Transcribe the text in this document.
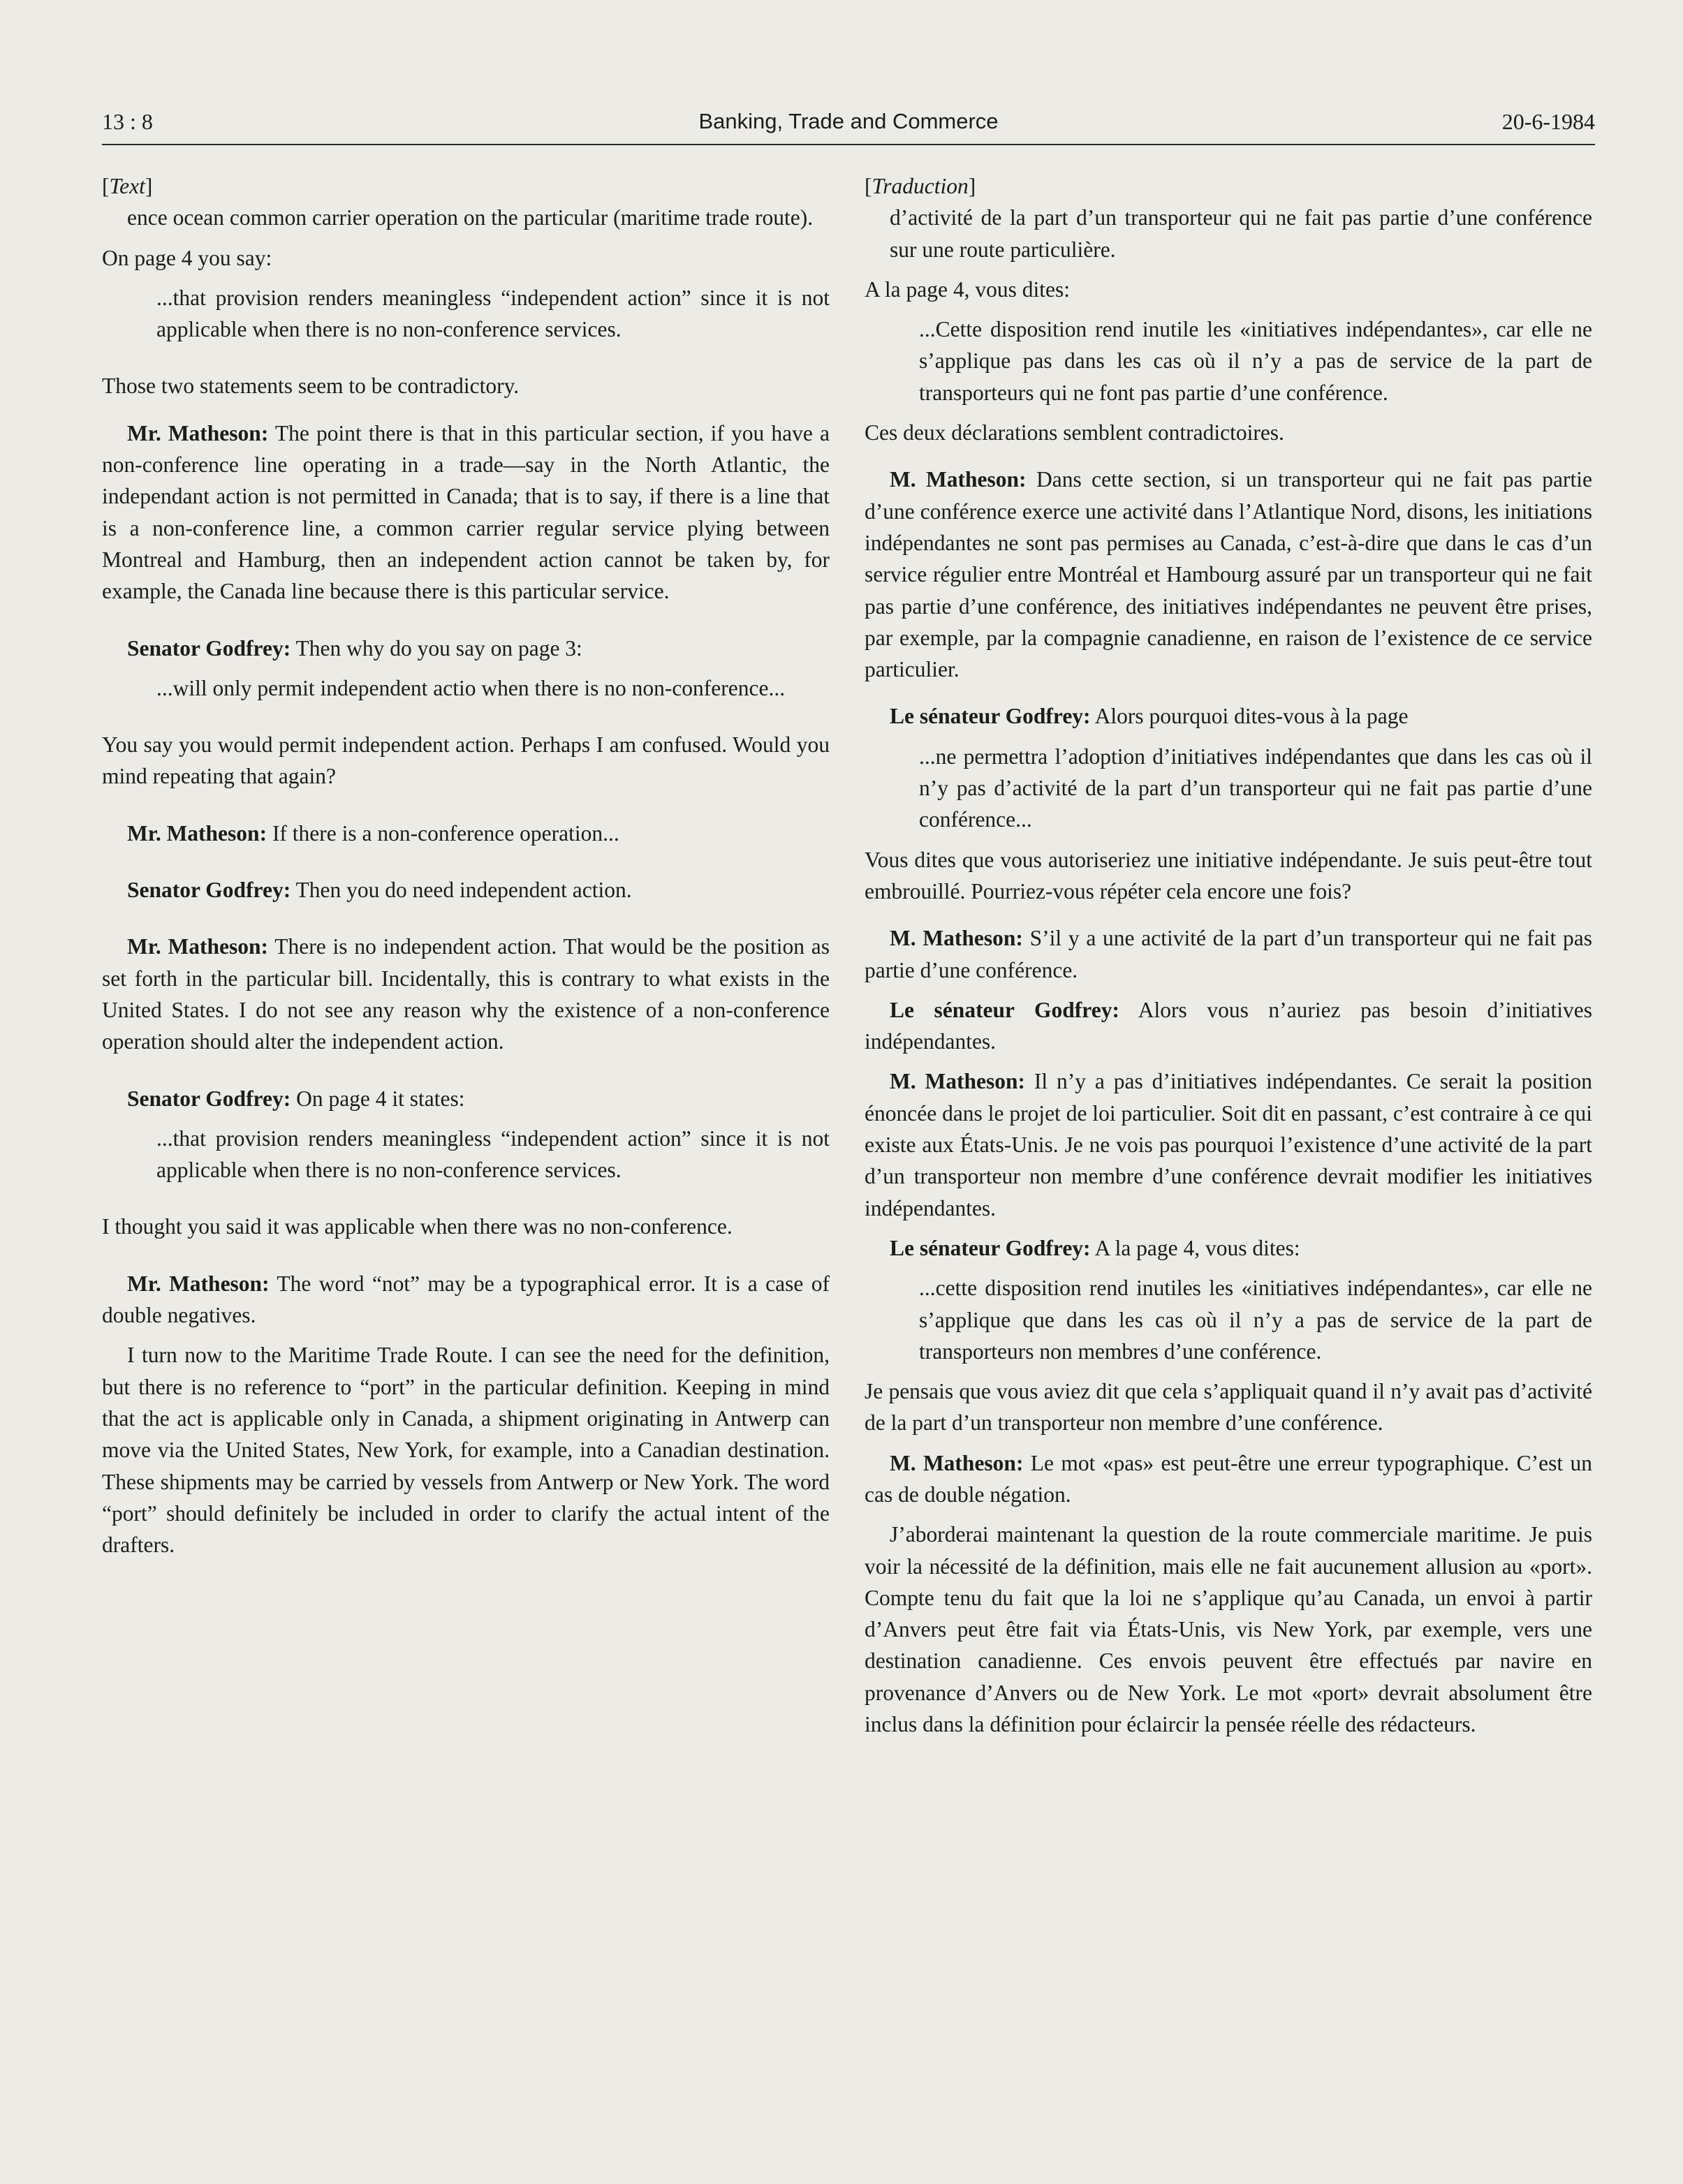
13 : 8	Banking, Trade and Commerce	20-6-1984

[Text]

ence ocean common carrier operation on the particular (maritime trade route).

On page 4 you say:

...that provision renders meaningless “independent action” since it is not applicable when there is no non-conference services.

Those two statements seem to be contradictory.

Mr. Matheson: The point there is that in this particular section, if you have a non-conference line operating in a trade—say in the North Atlantic, the independant action is not permitted in Canada; that is to say, if there is a line that is a non-conference line, a common carrier regular service plying between Montreal and Hamburg, then an independent action cannot be taken by, for example, the Canada line because there is this particular service.

Senator Godfrey: Then why do you say on page 3:

...will only permit independent actio when there is no non-conference...

You say you would permit independent action. Perhaps I am confused. Would you mind repeating that again?

Mr. Matheson: If there is a non-conference operation...

Senator Godfrey: Then you do need independent action.

Mr. Matheson: There is no independent action. That would be the position as set forth in the particular bill. Incidentally, this is contrary to what exists in the United States. I do not see any reason why the existence of a non-conference operation should alter the independent action.

Senator Godfrey: On page 4 it states:

...that provision renders meaningless “independent action” since it is not applicable when there is no non-conference services.

I thought you said it was applicable when there was no non-conference.

Mr. Matheson: The word “not” may be a typographical error. It is a case of double negatives.

I turn now to the Maritime Trade Route. I can see the need for the definition, but there is no reference to “port” in the particular definition. Keeping in mind that the act is applicable only in Canada, a shipment originating in Antwerp can move via the United States, New York, for example, into a Canadian destination. These shipments may be carried by vessels from Antwerp or New York. The word “port” should definitely be included in order to clarify the actual intent of the drafters.

[Traduction]

d’activité de la part d’un transporteur qui ne fait pas partie d’une conférence sur une route particulière.

A la page 4, vous dites:

...Cette disposition rend inutile les «initiatives indépendantes», car elle ne s’applique pas dans les cas où il n’y a pas de service de la part de transporteurs qui ne font pas partie d’une conférence.

Ces deux déclarations semblent contradictoires.

M. Matheson: Dans cette section, si un transporteur qui ne fait pas partie d’une conférence exerce une activité dans l’Atlantique Nord, disons, les initiations indépendantes ne sont pas permises au Canada, c’est-à-dire que dans le cas d’un service régulier entre Montréal et Hambourg assuré par un transporteur qui ne fait pas partie d’une conférence, des initiatives indépendantes ne peuvent être prises, par exemple, par la compagnie canadienne, en raison de l’existence de ce service particulier.

Le sénateur Godfrey: Alors pourquoi dites-vous à la page

...ne permettra l’adoption d’initiatives indépendantes que dans les cas où il n’y pas d’activité de la part d’un transporteur qui ne fait pas partie d’une conférence...

Vous dites que vous autoriseriez une initiative indépendante. Je suis peut-être tout embrouillé. Pourriez-vous répéter cela encore une fois?

M. Matheson: S’il y a une activité de la part d’un transporteur qui ne fait pas partie d’une conférence.

Le sénateur Godfrey: Alors vous n’auriez pas besoin d’initiatives indépendantes.

M. Matheson: Il n’y a pas d’initiatives indépendantes. Ce serait la position énoncée dans le projet de loi particulier. Soit dit en passant, c’est contraire à ce qui existe aux États-Unis. Je ne vois pas pourquoi l’existence d’une activité de la part d’un transporteur non membre d’une conférence devrait modifier les initiatives indépendantes.

Le sénateur Godfrey: A la page 4, vous dites:

...cette disposition rend inutiles les «initiatives indépendantes», car elle ne s’applique que dans les cas où il n’y a pas de service de la part de transporteurs non membres d’une conférence.

Je pensais que vous aviez dit que cela s’appliquait quand il n’y avait pas d’activité de la part d’un transporteur non membre d’une conférence.

M. Matheson: Le mot «pas» est peut-être une erreur typographique. C’est un cas de double négation.

J’aborderai maintenant la question de la route commerciale maritime. Je puis voir la nécessité de la définition, mais elle ne fait aucunement allusion au «port». Compte tenu du fait que la loi ne s’applique qu’au Canada, un envoi à partir d’Anvers peut être fait via États-Unis, vis New York, par exemple, vers une destination canadienne. Ces envois peuvent être effectués par navire en provenance d’Anvers ou de New York. Le mot «port» devrait absolument être inclus dans la définition pour éclaircir la pensée réelle des rédacteurs.
